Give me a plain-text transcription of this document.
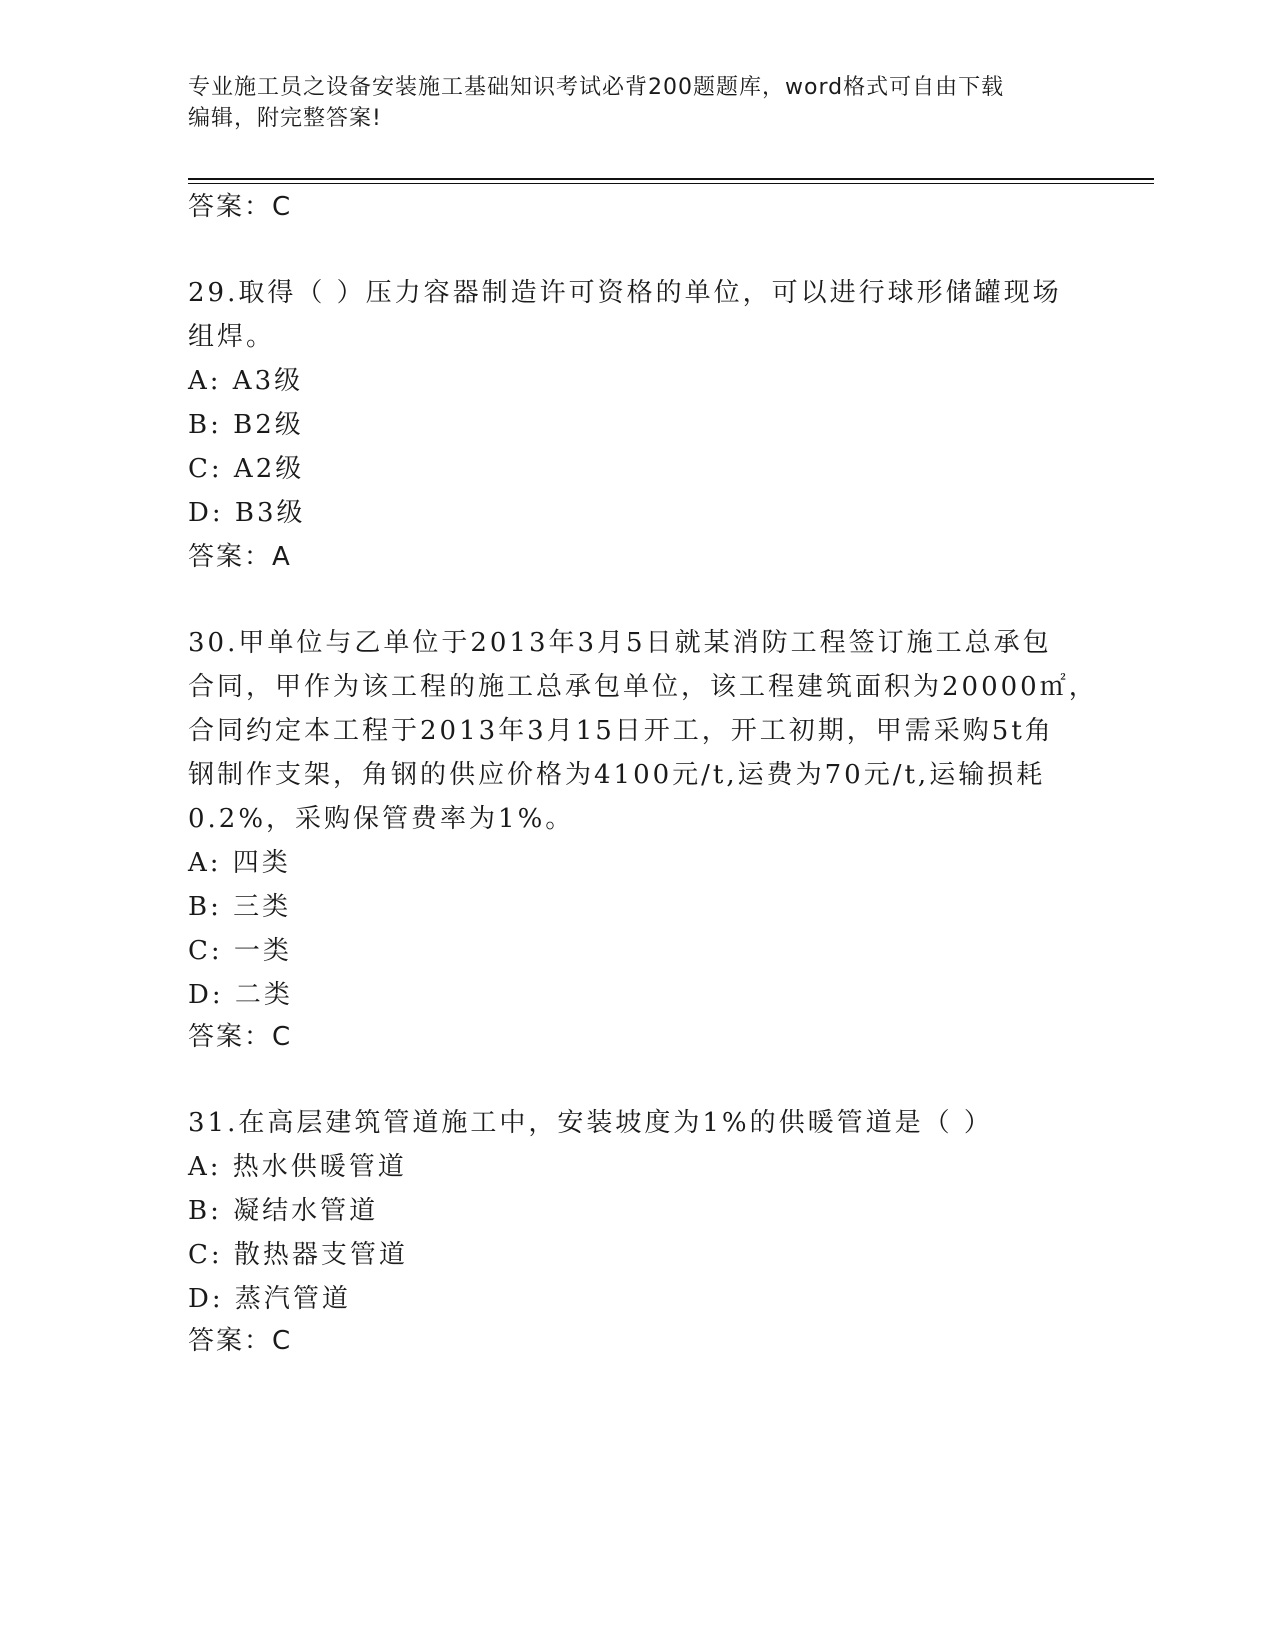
专业施工员之设备安装施工基础知识考试必背200题题库，word格式可自由下载
编辑，附完整答案!
答案：C
29.取得（ ）压力容器制造许可资格的单位，可以进行球形储罐现场
组焊。
A: A3级
B: B2级
C: A2级
D: B3级
答案：A
30.甲单位与乙单位于2013年3月5日就某消防工程签订施工总承包
合同，甲作为该工程的施工总承包单位，该工程建筑面积为20000㎡，
合同约定本工程于2013年3月15日开工，开工初期，甲需采购5t角
钢制作支架，角钢的供应价格为4100元/t,运费为70元/t,运输损耗
0.2%，采购保管费率为1%。
A: 四类
B: 三类
C: 一类
D: 二类
答案：C
31.在高层建筑管道施工中，安装坡度为1%的供暖管道是（ ）
A: 热水供暖管道
B: 凝结水管道
C: 散热器支管道
D: 蒸汽管道
答案：C
